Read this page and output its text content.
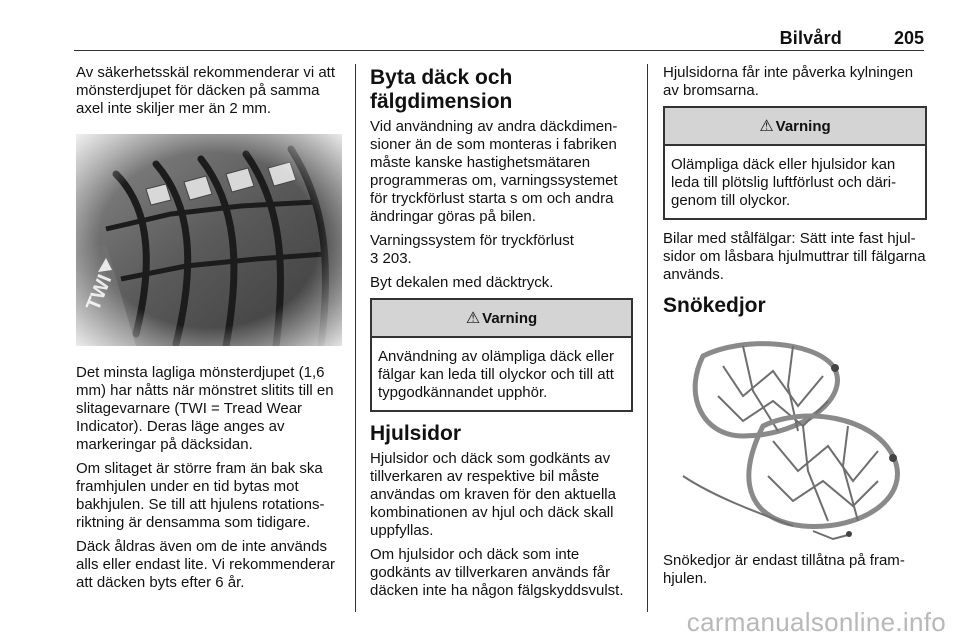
Bilvård	205

Av säkerhetsskäl rekommenderar vi att mönsterdjupet för däcken på samma axel inte skiljer mer än 2 mm.

Det minsta lagliga mönsterdjupet (1,6 mm) har nåtts när mönstret slitits till en slitagevarnare (TWI = Tread Wear Indicator). Deras läge anges av markeringar på däcksidan.

Om slitaget är större fram än bak ska framhjulen under en tid bytas mot bakhjulen. Se till att hjulens rotationsriktning är densamma som tidigare.

Däck åldras även om de inte används alls eller endast lite. Vi rekommenderar att däcken byts efter 6 år.

Byta däck och fälgdimension

Vid användning av andra däckdimensioner än de som monteras i fabriken måste kanske hastighetsmätaren programmeras om, varningssystemet för tryckförlust starta s om och andra ändringar göras på bilen.

Varningssystem för tryckförlust
3 203.

Byt dekalen med däcktryck.

⚠ Varning
Användning av olämpliga däck eller fälgar kan leda till olyckor och till att typgodkännandet upphör.
Hjulsidor

Hjulsidor och däck som godkänts av tillverkaren av respektive bil måste användas om kraven för den aktuella kombinationen av hjul och däck skall uppfyllas.

Om hjulsidor och däck som inte godkänts av tillverkaren används får däcken inte ha någon fälgskyddsvulst.

Hjulsidorna får inte påverka kylningen av bromsarna.

⚠ Varning
Olämpliga däck eller hjulsidor kan leda till plötslig luftförlust och därigenom till olyckor.

Bilar med stålfälgar: Sätt inte fast hjulsidor om låsbara hjulmuttrar till fälgarna används.

Snökedjor

Snökedjor är endast tillåtna på framhjulen.

carmanualsonline.info
